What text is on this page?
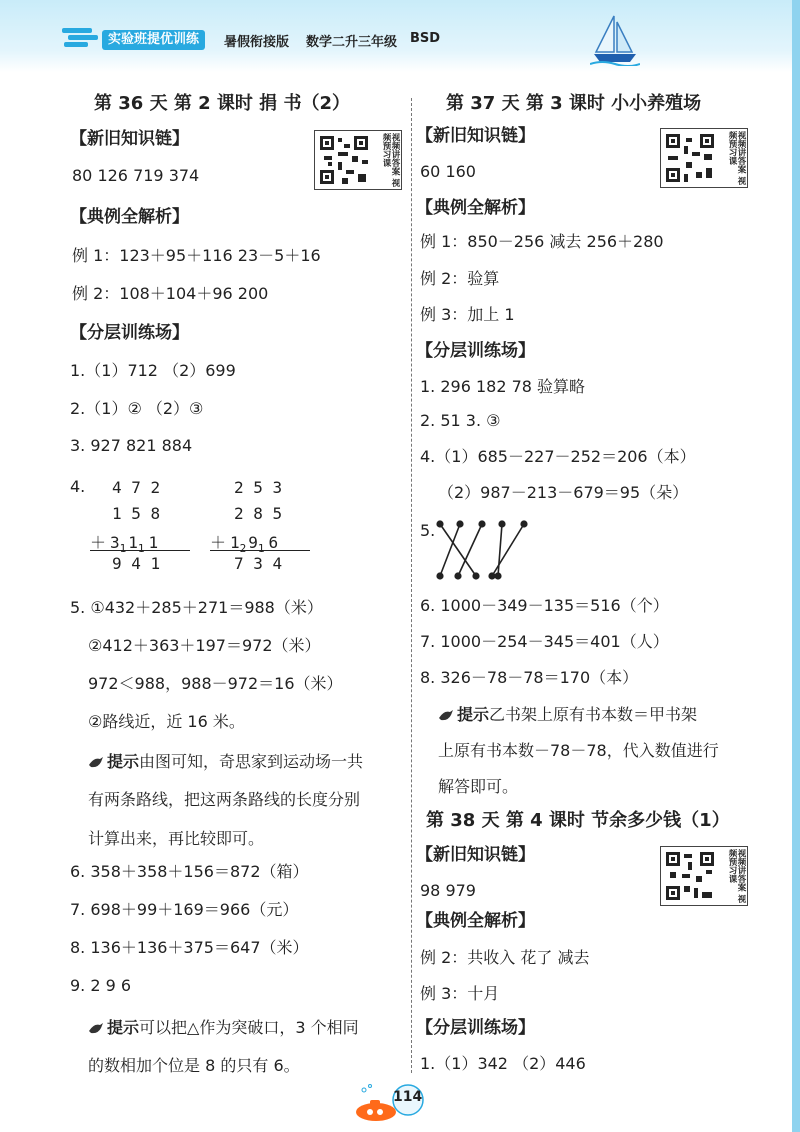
实验班提优训练	暑假衔接版 数学二升三年级 BSD
第 36 天 第 2 课时 捐 书（2）
视频讲答案 视频预习课
【新旧知识链】
80 126 719 374
【典例全解析】
例 1：123＋95＋116 23－5＋16
例 2：108＋104＋96 200
【分层训练场】
1.（1）712 （2）699
2.（1）② （2）③
3. 927 821 884
4. 4 7 2
1 5 8
＋ $3_1$ $1_1$ 1
9 4 1
2 5 3
2 8 5
＋ $1_2$ $9_1$ 6
7 3 4
5. ①432＋285＋271＝988（米）
②412＋363＋197＝972（米）
972＜988，988－972＝16（米）
②路线近，近 16 米。
提示由图可知，奇思家到运动场一共
有两条路线，把这两条路线的长度分别
计算出来，再比较即可。
6. 358＋358＋156＝872（箱）
7. 698＋99＋169＝966（元）
8. 136＋136＋375＝647（米）
9. 2 9 6
提示可以把△作为突破口，3 个相同
的数相加个位是 8 的只有 6。
第 37 天 第 3 课时 小小养殖场
视频讲答案 视频预习课
【新旧知识链】
60 160
【典例全解析】
例 1：850－256 减去 256＋280
例 2：验算
例 3：加上 1
【分层训练场】
1. 296 182 78 验算略
2. 51 3. ③
4.（1）685－227－252＝206（本）
（2）987－213－679＝95（朵）
5.
6. 1000－349－135＝516（个）
7. 1000－254－345＝401（人）
8. 326－78－78＝170（本）
提示乙书架上原有书本数＝甲书架
上原有书本数－78－78，代入数值进行
解答即可。
第 38 天 第 4 课时 节余多少钱（1）
视频讲答案 视频预习课
【新旧知识链】
98 979
【典例全解析】
例 2：共收入 花了 减去
例 3：十月
【分层训练场】
1.（1）342 （2）446
114
